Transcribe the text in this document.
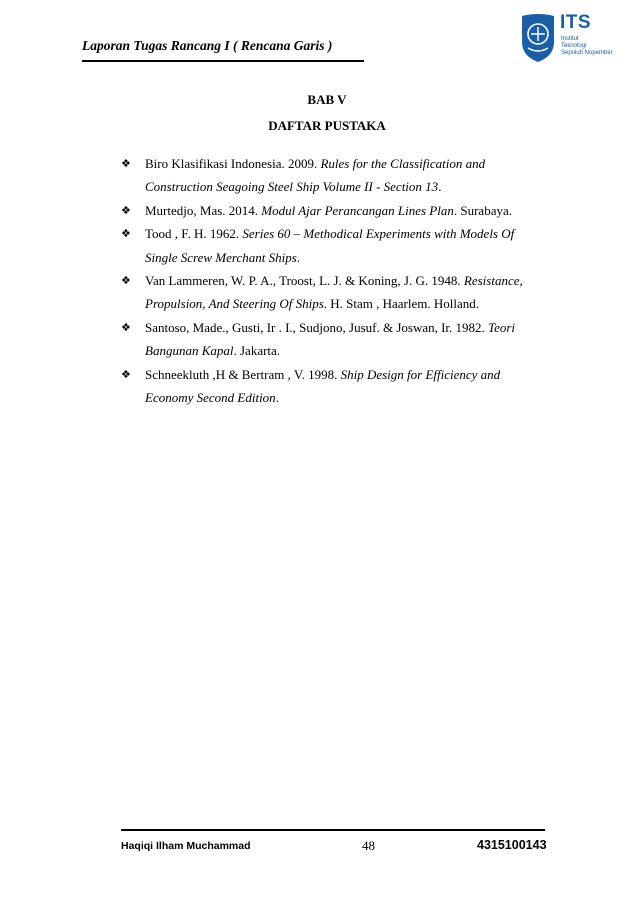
Laporan Tugas Rancang I ( Rencana Garis )
ITS
Institut
Teknologi
Sepuluh Nopember
BAB V
DAFTAR PUSTAKA
❖ Biro Klasifikasi Indonesia. 2009. Rules for the Classification and Construction Seagoing Steel Ship Volume II - Section 13.
❖ Murtedjo, Mas. 2014. Modul Ajar Perancangan Lines Plan. Surabaya.
❖ Tood , F. H. 1962. Series 60 – Methodical Experiments with Models Of Single Screw Merchant Ships.
❖ Van Lammeren, W. P. A., Troost, L. J. & Koning, J. G. 1948. Resistance, Propulsion, And Steering Of Ships. H. Stam , Haarlem. Holland.
❖ Santoso, Made., Gusti, Ir . I., Sudjono, Jusuf. & Joswan, Ir. 1982. Teori Bangunan Kapal. Jakarta.
❖ Schneekluth ,H & Bertram , V. 1998. Ship Design for Efficiency and Economy Second Edition.
Haqiqi Ilham Muchammad	48	4315100143
